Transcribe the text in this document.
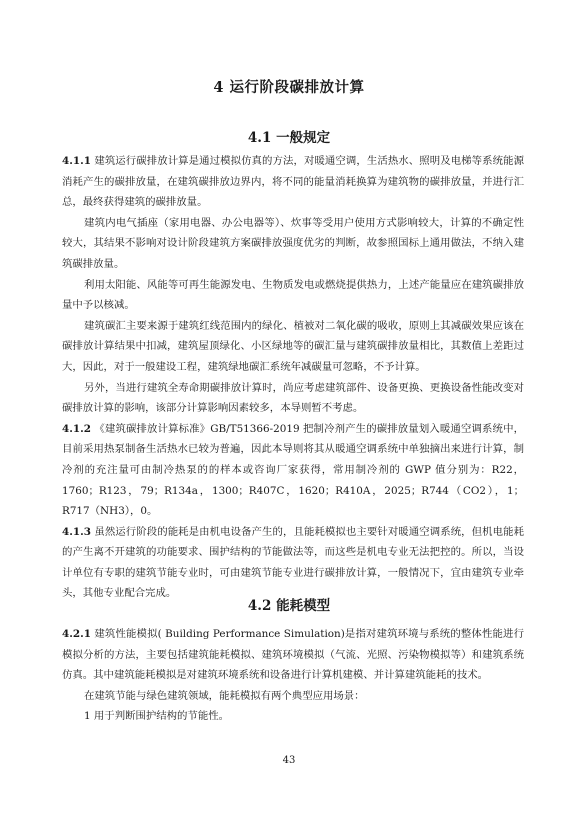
4 运行阶段碳排放计算
4.1 一般规定

4.1.1 建筑运行碳排放计算是通过模拟仿真的方法，对暖通空调，生活热水、照明及电梯等系统能源消耗产生的碳排放量，在建筑碳排放边界内，将不同的能量消耗换算为建筑物的碳排放量，并进行汇总，最终获得建筑的碳排放量。

建筑内电气插座（家用电器、办公电器等）、炊事等受用户使用方式影响较大，计算的不确定性较大，其结果不影响对设计阶段建筑方案碳排放强度优劣的判断，故参照国标上通用做法，不纳入建筑碳排放量。

利用太阳能、风能等可再生能源发电、生物质发电或燃烧提供热力，上述产能量应在建筑碳排放量中予以核减。

建筑碳汇主要来源于建筑红线范围内的绿化、植被对二氧化碳的吸收，原则上其减碳效果应该在碳排放计算结果中扣减，建筑屋顶绿化、小区绿地等的碳汇量与建筑碳排放量相比，其数值上差距过大，因此，对于一般建设工程，建筑绿地碳汇系统年减碳量可忽略，不予计算。

另外，当进行建筑全寿命期碳排放计算时，尚应考虑建筑部件、设备更换、更换设备性能改变对碳排放计算的影响，该部分计算影响因素较多，本导则暂不考虑。

4.1.2 《建筑碳排放计算标准》GB/T51366-2019 把制冷剂产生的碳排放量划入暖通空调系统中，目前采用热泵制备生活热水已较为普遍，因此本导则将其从暖通空调系统中单独摘出来进行计算，制冷剂的充注量可由制冷热泵的的样本或咨询厂家获得，常用制冷剂的 GWP 值分别为：R22，1760；R123，79；R134a，1300；R407C，1620；R410A，2025；R744（CO2），1；R717（NH3），0。

4.1.3 虽然运行阶段的能耗是由机电设备产生的，且能耗模拟也主要针对暖通空调系统，但机电能耗的产生离不开建筑的功能要求、围护结构的节能做法等，而这些是机电专业无法把控的。所以，当设计单位有专职的建筑节能专业时，可由建筑节能专业进行碳排放计算，一般情况下，宜由建筑专业牵头，其他专业配合完成。

4.2 能耗模型

4.2.1 建筑性能模拟( Building Performance Simulation)是指对建筑环境与系统的整体性能进行模拟分析的方法，主要包括建筑能耗模拟、建筑环境模拟（气流、光照、污染物模拟等）和建筑系统仿真。其中建筑能耗模拟是对建筑环境系统和设备进行计算机建模、并计算建筑能耗的技术。

在建筑节能与绿色建筑领域，能耗模拟有两个典型应用场景：

1 用于判断围护结构的节能性。

43
